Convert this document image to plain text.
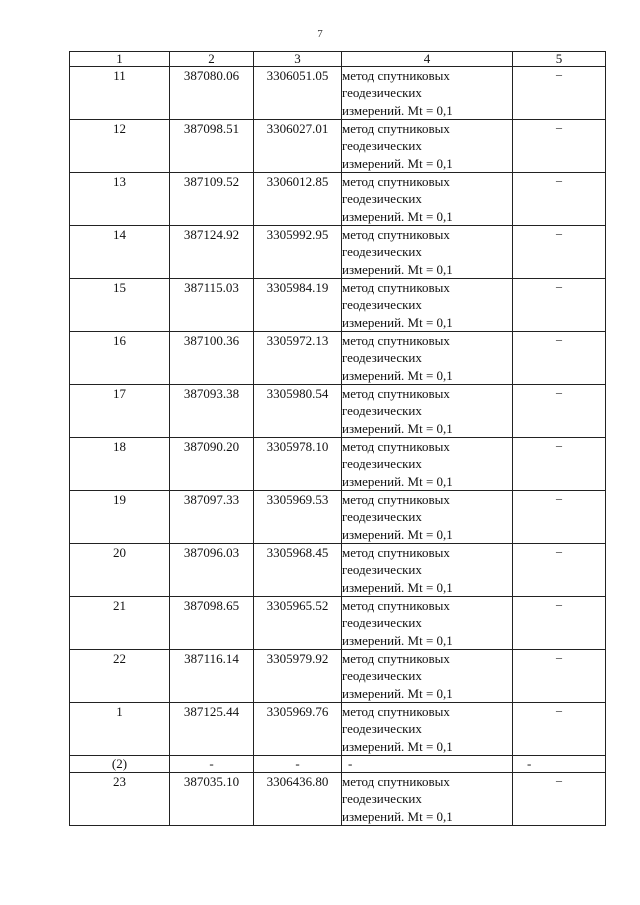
7
1	2	3	4	5
11	387080.06	3306051.05	метод спутниковых
геодезических
измерений. Mt = 0,1	–
12	387098.51	3306027.01	метод спутниковых
геодезических
измерений. Mt = 0,1	–
13	387109.52	3306012.85	метод спутниковых
геодезических
измерений. Mt = 0,1	–
14	387124.92	3305992.95	метод спутниковых
геодезических
измерений. Mt = 0,1	–
15	387115.03	3305984.19	метод спутниковых
геодезических
измерений. Mt = 0,1	–
16	387100.36	3305972.13	метод спутниковых
геодезических
измерений. Mt = 0,1	–
17	387093.38	3305980.54	метод спутниковых
геодезических
измерений. Mt = 0,1	–
18	387090.20	3305978.10	метод спутниковых
геодезических
измерений. Mt = 0,1	–
19	387097.33	3305969.53	метод спутниковых
геодезических
измерений. Mt = 0,1	–
20	387096.03	3305968.45	метод спутниковых
геодезических
измерений. Mt = 0,1	–
21	387098.65	3305965.52	метод спутниковых
геодезических
измерений. Mt = 0,1	–
22	387116.14	3305979.92	метод спутниковых
геодезических
измерений. Mt = 0,1	–
1	387125.44	3305969.76	метод спутниковых
геодезических
измерений. Mt = 0,1	–
(2)	-	-	-	-
23	387035.10	3306436.80	метод спутниковых
геодезических
измерений. Mt = 0,1	–
